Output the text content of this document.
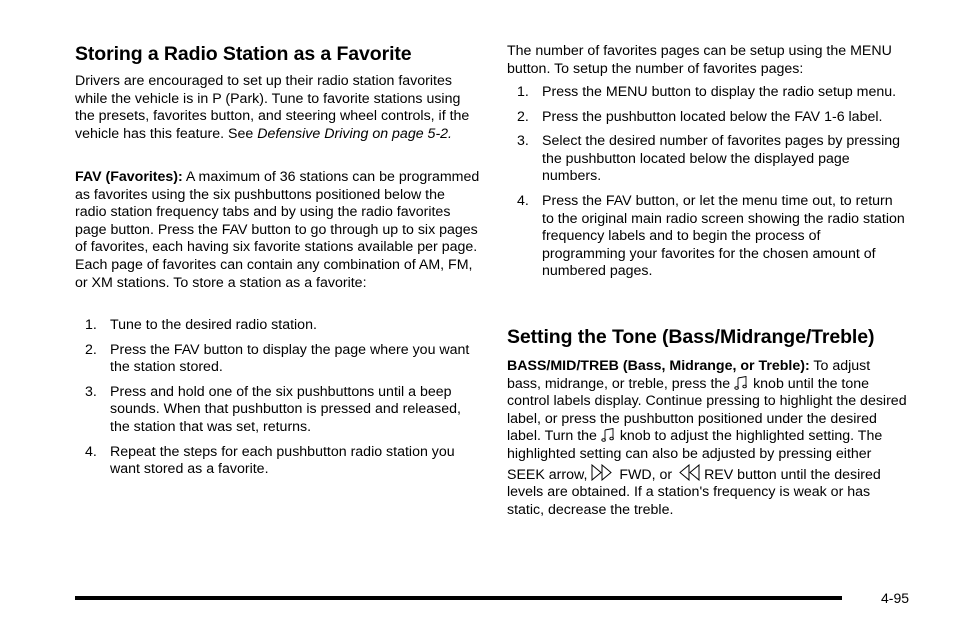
Storing a Radio Station as a Favorite

Drivers are encouraged to set up their radio station favorites while the vehicle is in P (Park). Tune to favorite stations using the presets, favorites button, and steering wheel controls, if the vehicle has this feature. See Defensive Driving on page 5-2.

FAV (Favorites): A maximum of 36 stations can be programmed as favorites using the six pushbuttons positioned below the radio station frequency tabs and by using the radio favorites page button. Press the FAV button to go through up to six pages of favorites, each having six favorite stations available per page. Each page of favorites can contain any combination of AM, FM, or XM stations. To store a station as a favorite:

1. Tune to the desired radio station.
2. Press the FAV button to display the page where you want the station stored.
3. Press and hold one of the six pushbuttons until a beep sounds. When that pushbutton is pressed and released, the station that was set, returns.
4. Repeat the steps for each pushbutton radio station you want stored as a favorite.

The number of favorites pages can be setup using the MENU button. To setup the number of favorites pages:

1. Press the MENU button to display the radio setup menu.
2. Press the pushbutton located below the FAV 1-6 label.
3. Select the desired number of favorites pages by pressing the pushbutton located below the displayed page numbers.
4. Press the FAV button, or let the menu time out, to return to the original main radio screen showing the radio station frequency labels and to begin the process of programming your favorites for the chosen amount of numbered pages.
Setting the Tone (Bass/Midrange/Treble)

BASS/MID/TREB (Bass, Midrange, or Treble): To adjust bass, midrange, or treble, press the knob until the tone control labels display. Continue pressing to highlight the desired label, or press the pushbutton positioned under the desired label. Turn the knob to adjust the highlighted setting. The highlighted setting can also be adjusted by pressing either SEEK arrow, FWD, or REV button until the desired levels are obtained. If a station's frequency is weak or has static, decrease the treble.

4-95
